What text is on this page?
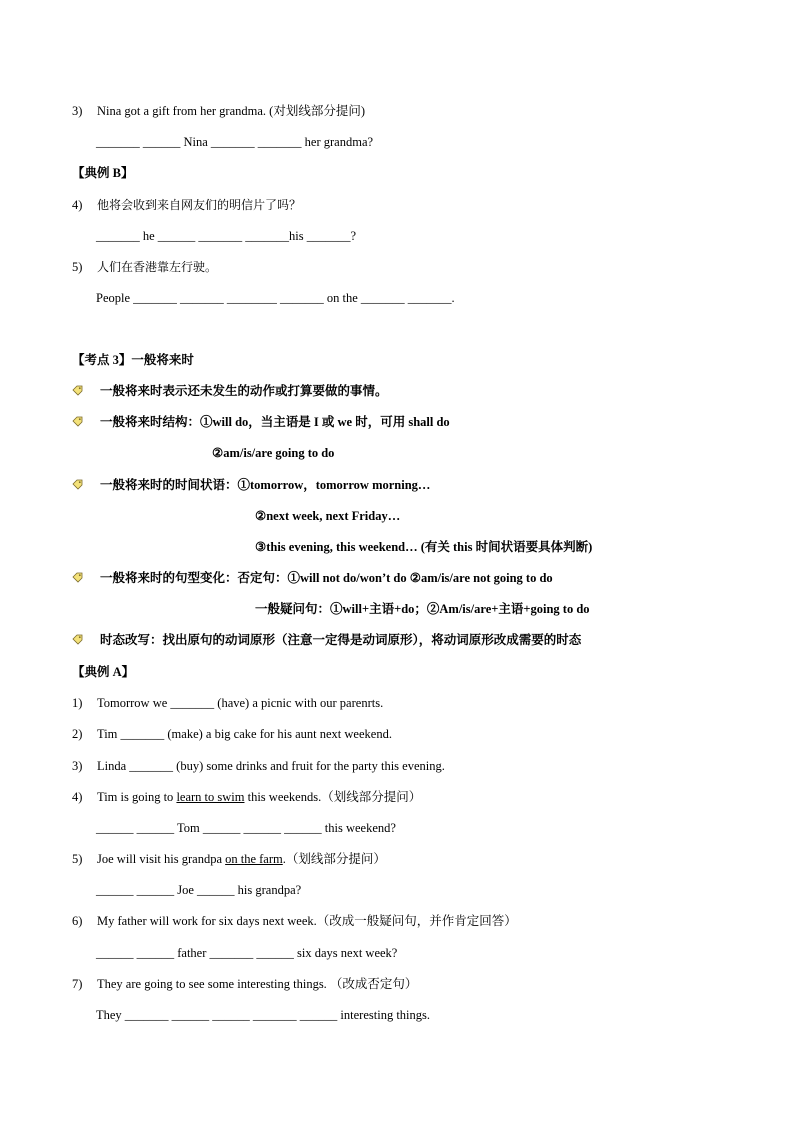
3) Nina got a gift from her grandma. (对划线部分提问)
_______ ______ Nina _______ _______ her grandma?
【典例 B】
4) 他将会收到来自网友们的明信片了吗？
_______ he ______ _______ _______his _______?
5) 人们在香港靠左行驶。
People _______ _______ ________ _______ on the _______ _______.
【考点 3】一般将来时
一般将来时表示还未发生的动作或打算要做的事情。
一般将来时结构：①will do，当主语是 I 或 we 时，可用 shall do
②am/is/are going to do
一般将来时的时间状语：①tomorrow，tomorrow morning…
②next week, next Friday…
③this evening, this weekend… (有关 this 时间状语要具体判断)
一般将来时的句型变化：否定句：①will not do/won’t do ②am/is/are not going to do
一般疑问句：①will+主语+do；②Am/is/are+主语+going to do
时态改写：找出原句的动词原形（注意一定得是动词原形），将动词原形改成需要的时态
【典例 A】
1) Tomorrow we _______ (have) a picnic with our parenrts.
2) Tim _______ (make) a big cake for his aunt next weekend.
3) Linda _______ (buy) some drinks and fruit for the party this evening.
4) Tim is going to learn to swim this weekends.（划线部分提问）
______ ______ Tom ______ ______ ______ this weekend?
5) Joe will visit his grandpa on the farm.（划线部分提问）
______ ______ Joe ______ his grandpa?
6) My father will work for six days next week.（改成一般疑问句，并作肯定回答）
______ ______ father _______ ______ six days next week?
7) They are going to see some interesting things. （改成否定句）
They _______ ______ ______ _______ ______ interesting things.
